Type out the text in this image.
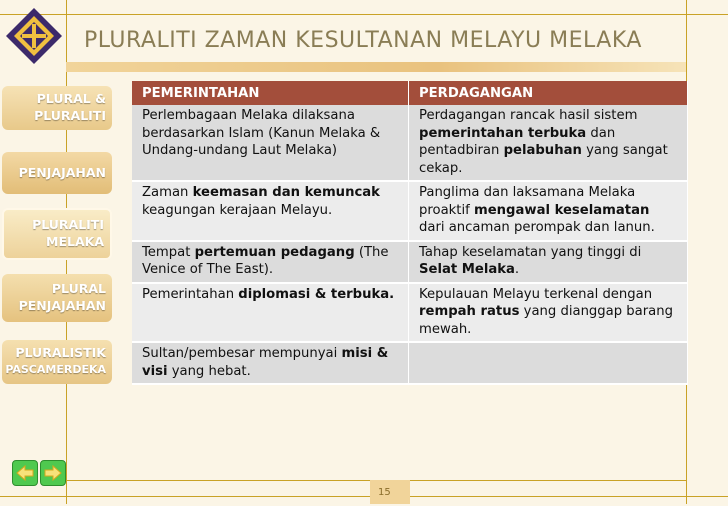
PLURALITI ZAMAN KESULTANAN MELAYU MELAKA
PLURAL &
PLURALITI
PENJAJAHAN
PLURALITI
MELAKA
PLURAL
PENJAJAHAN
PLURALISTIK
PASCAMERDEKA
PEMERINTAHAN	PERDAGANGAN
Perlembagaan Melaka dilaksana berdasarkan Islam (Kanun Melaka & Undang-undang Laut Melaka)	Perdagangan rancak hasil sistem pemerintahan terbuka dan pentadbiran pelabuhan yang sangat cekap.
Zaman keemasan dan kemuncak keagungan kerajaan Melayu.	Panglima dan laksamana Melaka proaktif mengawal keselamatan dari ancaman perompak dan lanun.
Tempat pertemuan pedagang (The Venice of The East).	Tahap keselamatan yang tinggi di Selat Melaka.
Pemerintahan diplomasi & terbuka.	Kepulauan Melayu terkenal dengan rempah ratus yang dianggap barang mewah.
Sultan/pembesar mempunyai misi & visi yang hebat.	
15
